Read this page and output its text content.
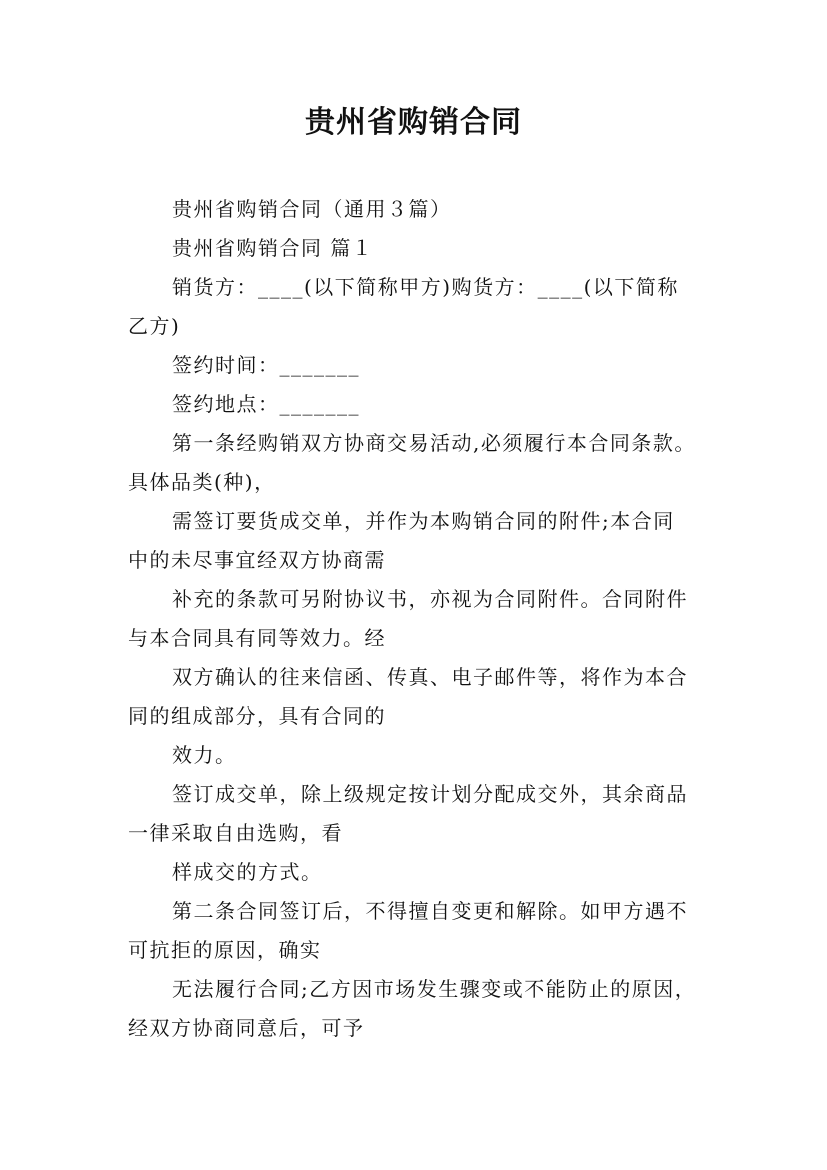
贵州省购销合同

贵州省购销合同（通用３篇）

贵州省购销合同 篇１

销货方：____(以下简称甲方)购货方：____(以下简称

乙方)

签约时间：_______

签约地点：_______

第一条经购销双方协商交易活动,必须履行本合同条款。

具体品类(种)，

需签订要货成交单，并作为本购销合同的附件;本合同

中的未尽事宜经双方协商需

补充的条款可另附协议书，亦视为合同附件。合同附件

与本合同具有同等效力。经

双方确认的往来信函、传真、电子邮件等，将作为本合

同的组成部分，具有合同的

效力。

签订成交单，除上级规定按计划分配成交外，其余商品

一律采取自由选购，看

样成交的方式。

第二条合同签订后，不得擅自变更和解除。如甲方遇不

可抗拒的原因，确实

无法履行合同;乙方因市场发生骤变或不能防止的原因，

经双方协商同意后，可予
